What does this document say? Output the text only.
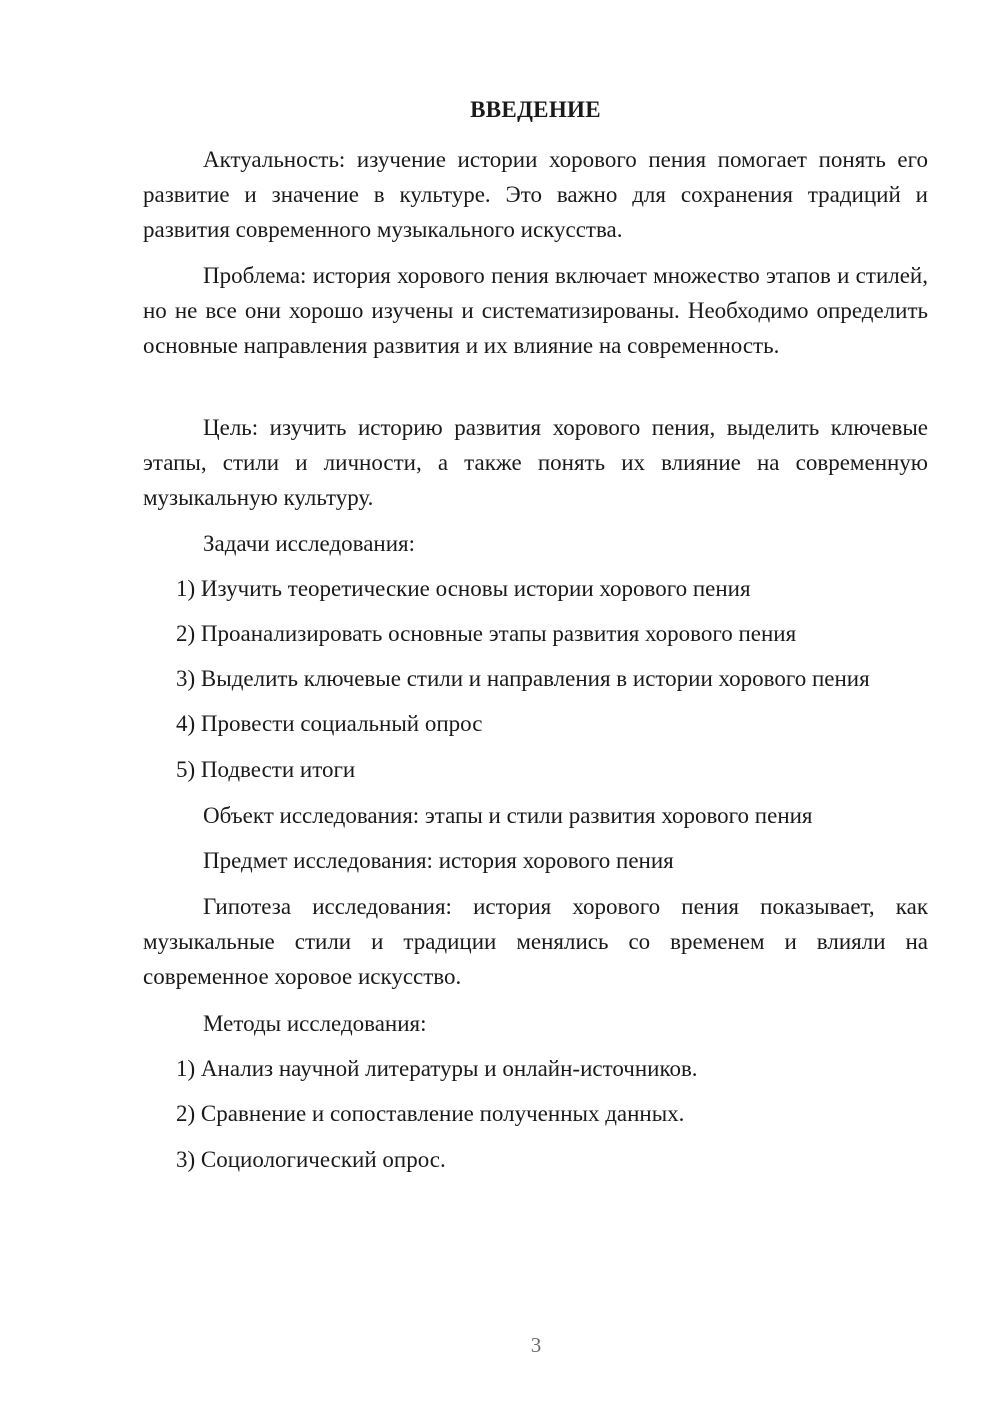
ВВЕДЕНИЕ

Актуальность: изучение истории хорового пения помогает понять его развитие и значение в культуре. Это важно для сохранения традиций и развития современного музыкального искусства.

Проблема: история хорового пения включает множество этапов и стилей, но не все они хорошо изучены и систематизированы. Необходимо определить основные направления развития и их влияние на современность.

Цель: изучить историю развития хорового пения, выделить ключевые этапы, стили и личности, а также понять их влияние на современную музыкальную культуру.

Задачи исследования:

1) Изучить теоретические основы истории хорового пения

2) Проанализировать основные этапы развития хорового пения

3) Выделить ключевые стили и направления в истории хорового пения

4) Провести социальный опрос

5) Подвести итоги

Объект исследования: этапы и стили развития хорового пения

Предмет исследования: история хорового пения

Гипотеза исследования: история хорового пения показывает, как музыкальные стили и традиции менялись со временем и влияли на современное хоровое искусство.

Методы исследования:

1) Анализ научной литературы и онлайн-источников.

2) Сравнение и сопоставление полученных данных.

3) Социологический опрос.

3
